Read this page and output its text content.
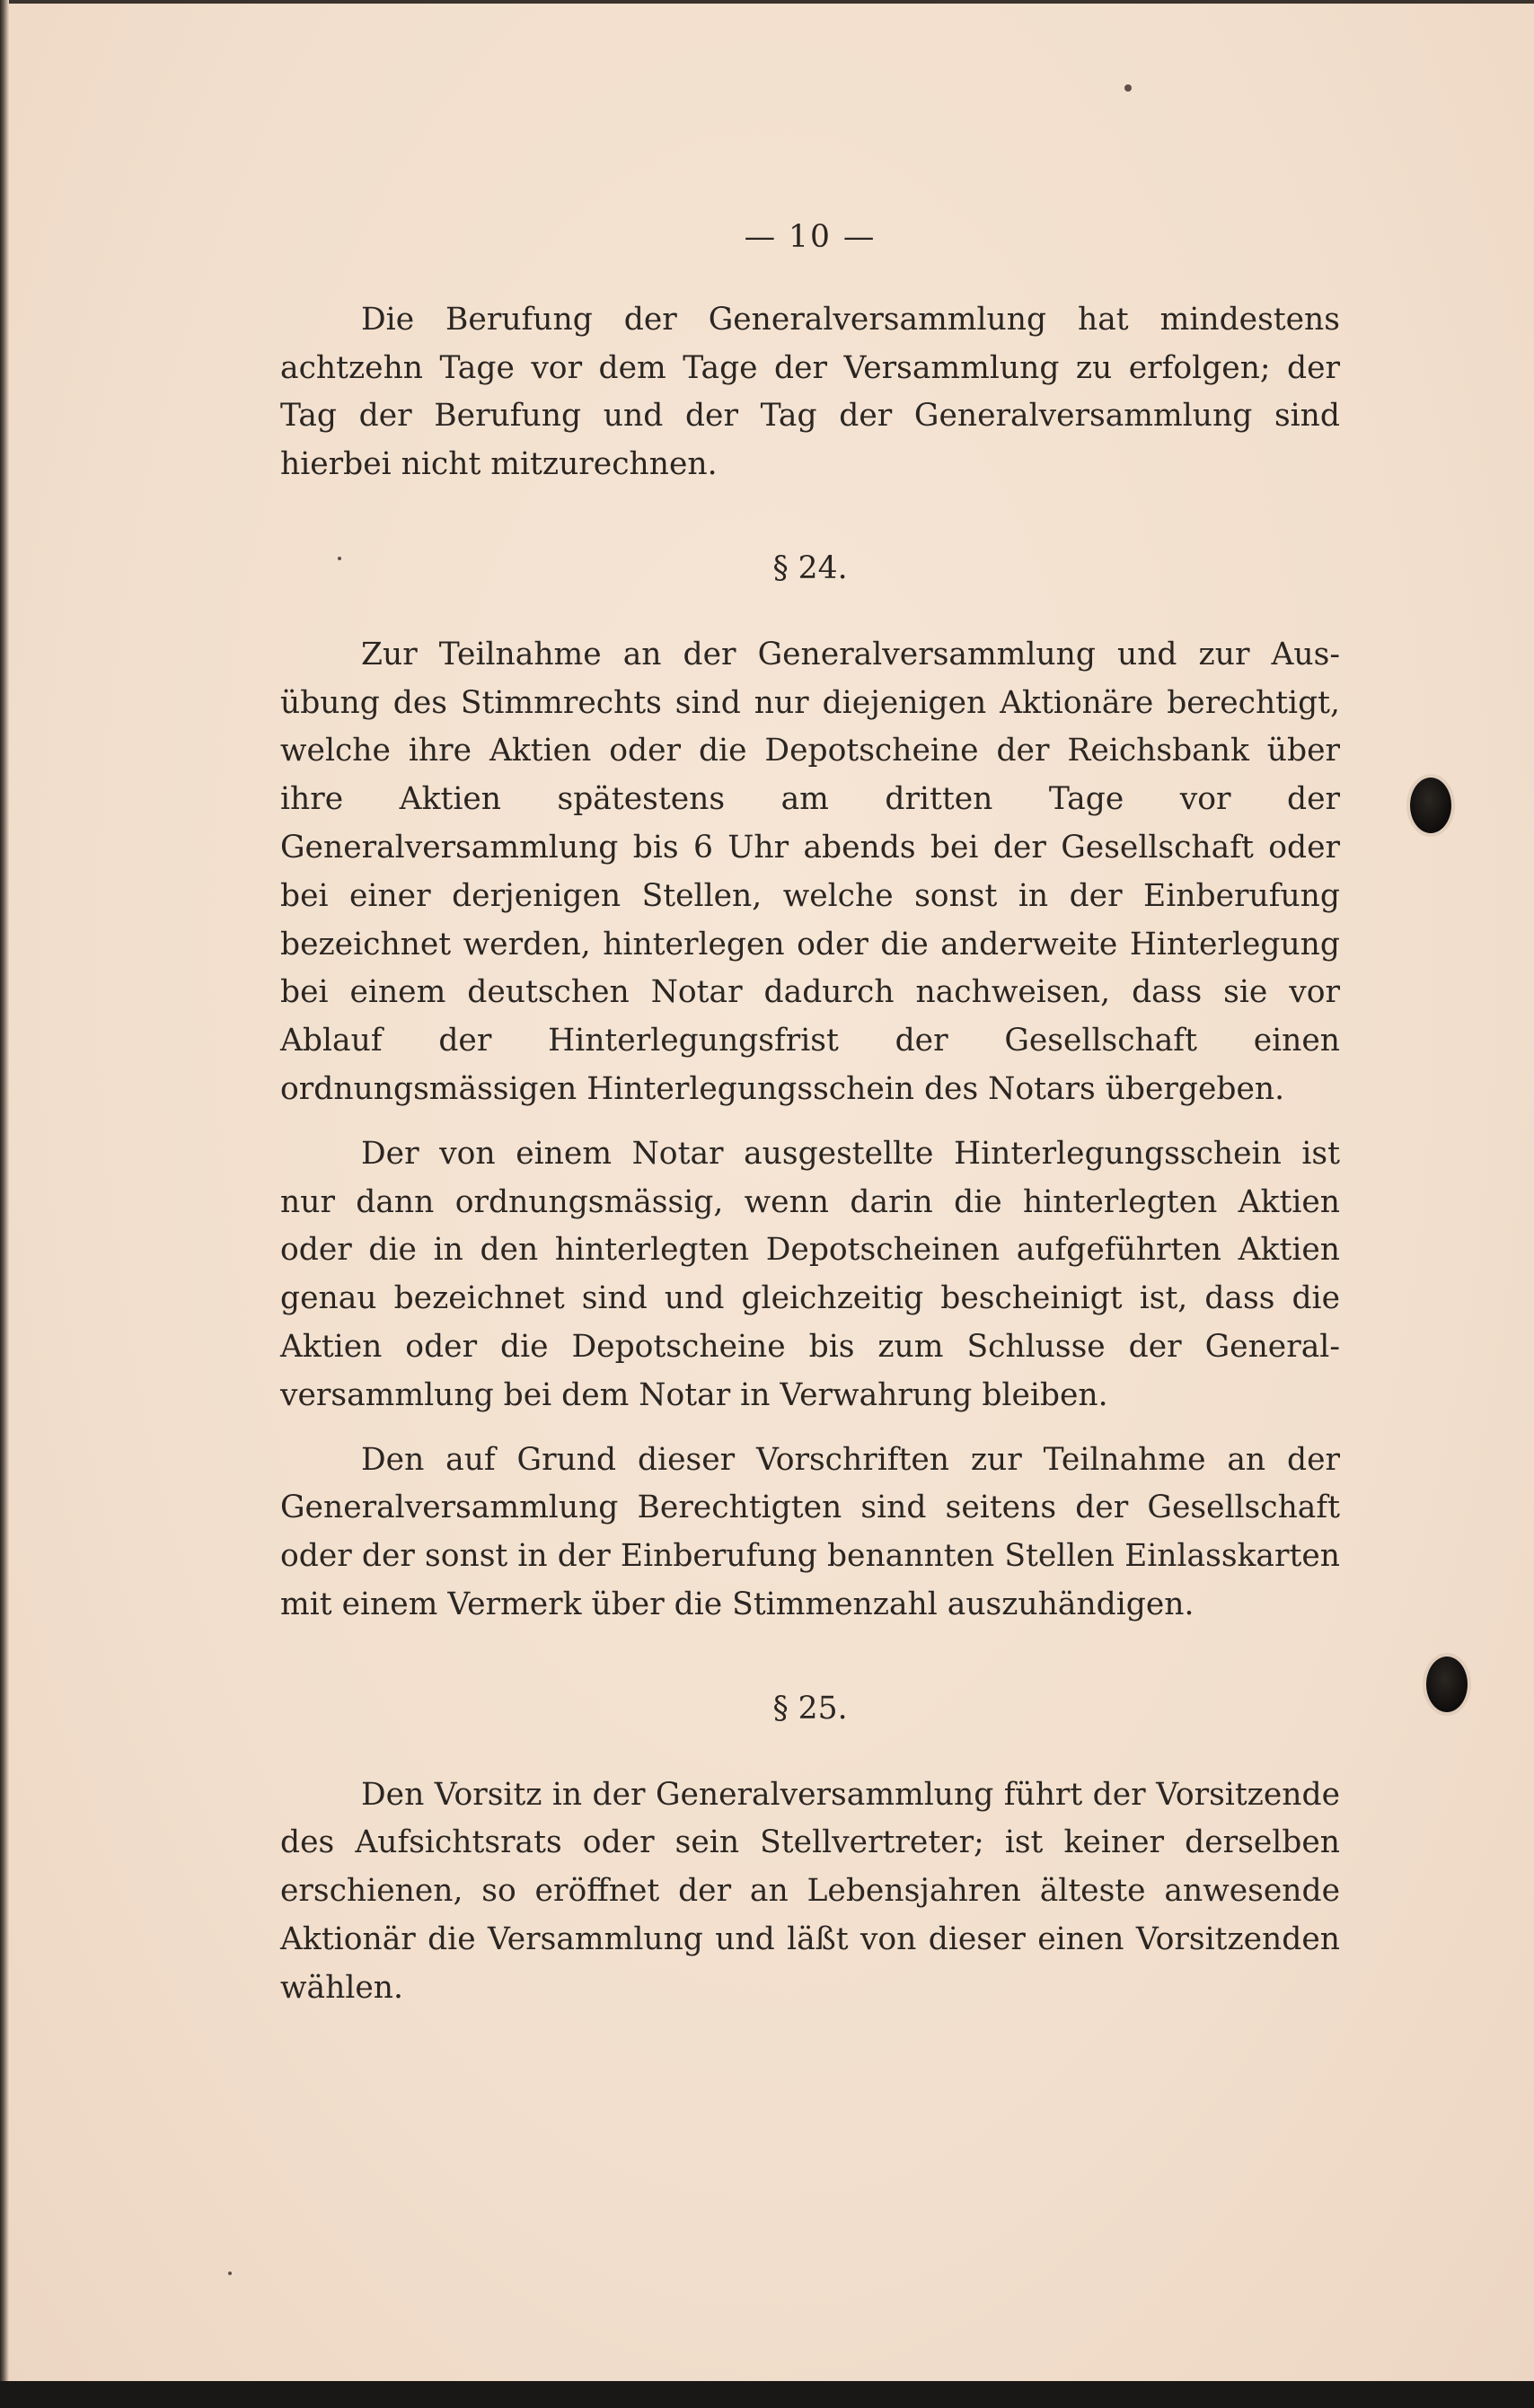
— 10 —

Die Berufung der Generalversammlung hat mindestens achtzehn Tage vor dem Tage der Versammlung zu erfolgen; der Tag der Berufung und der Tag der Generalversammlung sind hierbei nicht mitzurechnen.

§ 24.

Zur Teilnahme an der Generalversammlung und zur Ausübung des Stimmrechts sind nur diejenigen Aktionäre berechtigt, welche ihre Aktien oder die Depotscheine der Reichsbank über ihre Aktien spätestens am dritten Tage vor der Generalversammlung bis 6 Uhr abends bei der Gesellschaft oder bei einer derjenigen Stellen, welche sonst in der Einberufung bezeichnet werden, hinterlegen oder die anderweite Hinterlegung bei einem deutschen Notar dadurch nachweisen, dass sie vor Ablauf der Hinterlegungsfrist der Gesellschaft einen ordnungsmässigen Hinterlegungsschein des Notars übergeben.

Der von einem Notar ausgestellte Hinterlegungsschein ist nur dann ordnungsmässig, wenn darin die hinterlegten Aktien oder die in den hinterlegten Depotscheinen aufgeführten Aktien genau bezeichnet sind und gleichzeitig bescheinigt ist, dass die Aktien oder die Depotscheine bis zum Schlusse der Generalversammlung bei dem Notar in Verwahrung bleiben.

Den auf Grund dieser Vorschriften zur Teilnahme an der Generalversammlung Berechtigten sind seitens der Gesellschaft oder der sonst in der Einberufung benannten Stellen Einlasskarten mit einem Vermerk über die Stimmenzahl auszuhändigen.

§ 25.

Den Vorsitz in der Generalversammlung führt der Vorsitzende des Aufsichtsrats oder sein Stellvertreter; ist keiner derselben erschienen, so eröffnet der an Lebensjahren älteste anwesende Aktionär die Versammlung und läßt von dieser einen Vorsitzenden wählen.
